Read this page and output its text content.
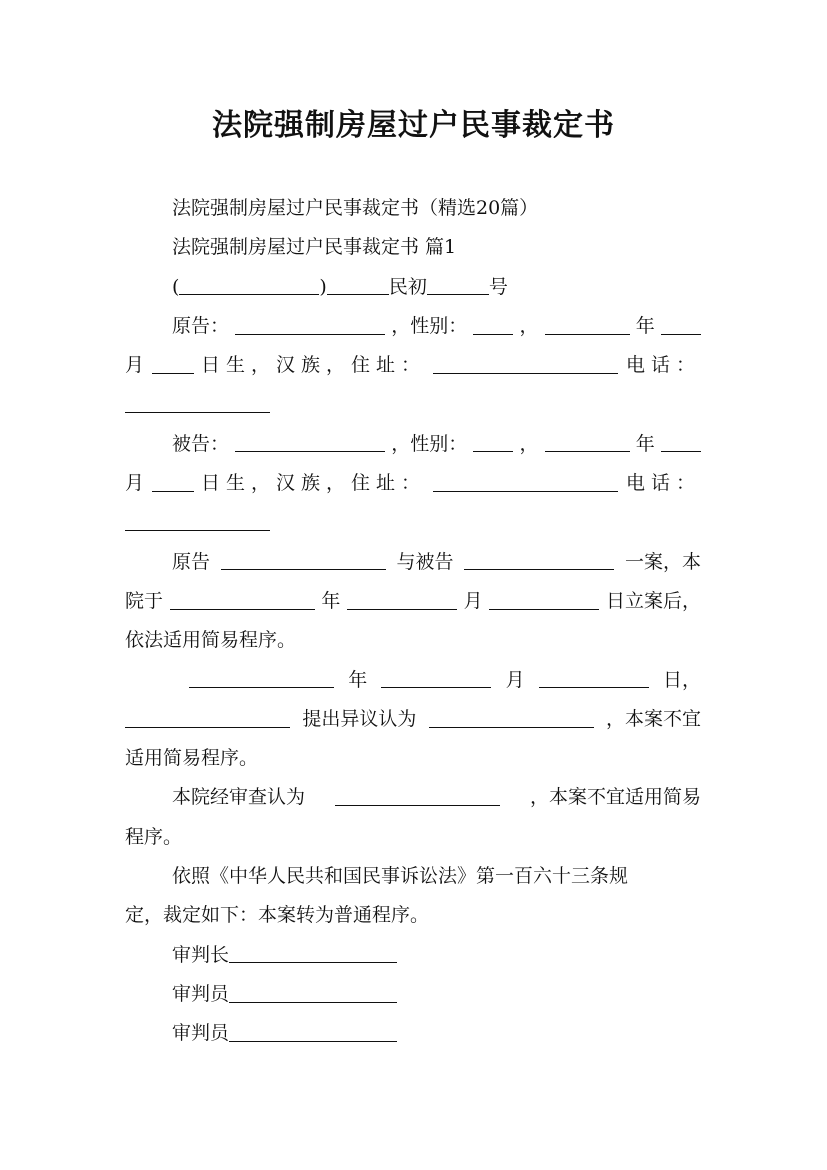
法院强制房屋过户民事裁定书
法院强制房屋过户民事裁定书（精选20篇）
法院强制房屋过户民事裁定书 篇1
(	)	民初	号
原告：	，性别：	，	年
月	日生，汉族，住址：	电话：
被告：	，性别：	，	年
月	日生，汉族，住址：	电话：
原告	与被告	一案，本
院于	年	月	日立案后，
依法适用简易程序。
年	月	日，
提出异议认为	，本案不宜
适用简易程序。
本院经审查认为	，本案不宜适用简易
程序。
依照《中华人民共和国民事诉讼法》第一百六十三条规
定，裁定如下：本案转为普通程序。
审判长
审判员
审判员
